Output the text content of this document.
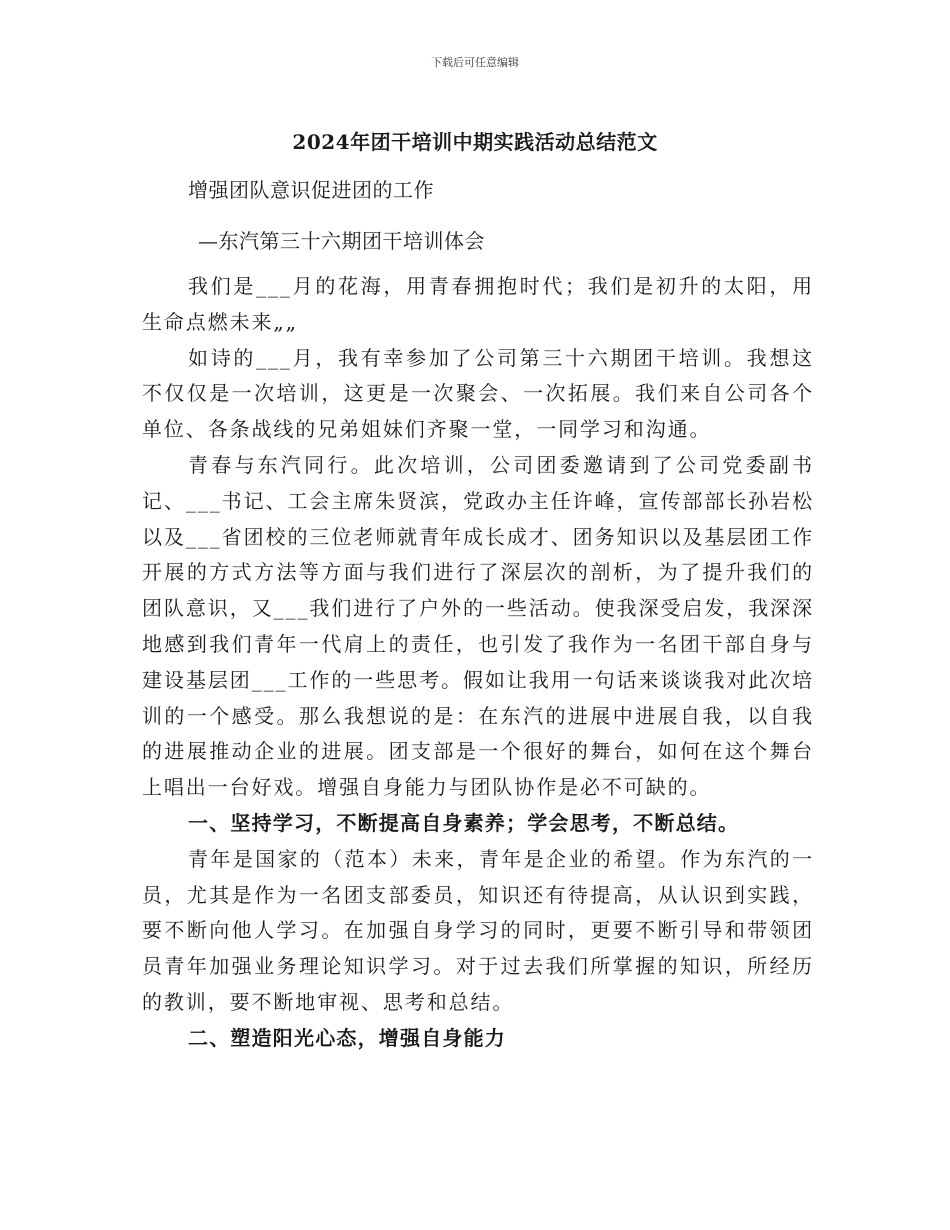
下载后可任意编辑
2024年团干培训中期实践活动总结范文
增强团队意识促进团的工作
—东汽第三十六期团干培训体会

我们是___月的花海，用青春拥抱时代；我们是初升的太阳，用生命点燃未来„„

如诗的___月，我有幸参加了公司第三十六期团干培训。我想这不仅仅是一次培训，这更是一次聚会、一次拓展。我们来自公司各个单位、各条战线的兄弟姐妹们齐聚一堂，一同学习和沟通。

青春与东汽同行。此次培训，公司团委邀请到了公司党委副书记、___书记、工会主席朱贤滨，党政办主任许峰，宣传部部长孙岩松以及___省团校的三位老师就青年成长成才、团务知识以及基层团工作开展的方式方法等方面与我们进行了深层次的剖析，为了提升我们的团队意识，又___我们进行了户外的一些活动。使我深受启发，我深深地感到我们青年一代肩上的责任，也引发了我作为一名团干部自身与建设基层团___工作的一些思考。假如让我用一句话来谈谈我对此次培训的一个感受。那么我想说的是：在东汽的进展中进展自我，以自我的进展推动企业的进展。团支部是一个很好的舞台，如何在这个舞台上唱出一台好戏。增强自身能力与团队协作是必不可缺的。

一、坚持学习，不断提高自身素养；学会思考，不断总结。

青年是国家的（范本）未来，青年是企业的希望。作为东汽的一员，尤其是作为一名团支部委员，知识还有待提高，从认识到实践，要不断向他人学习。在加强自身学习的同时，更要不断引导和带领团员青年加强业务理论知识学习。对于过去我们所掌握的知识，所经历的教训，要不断地审视、思考和总结。

二、塑造阳光心态，增强自身能力
